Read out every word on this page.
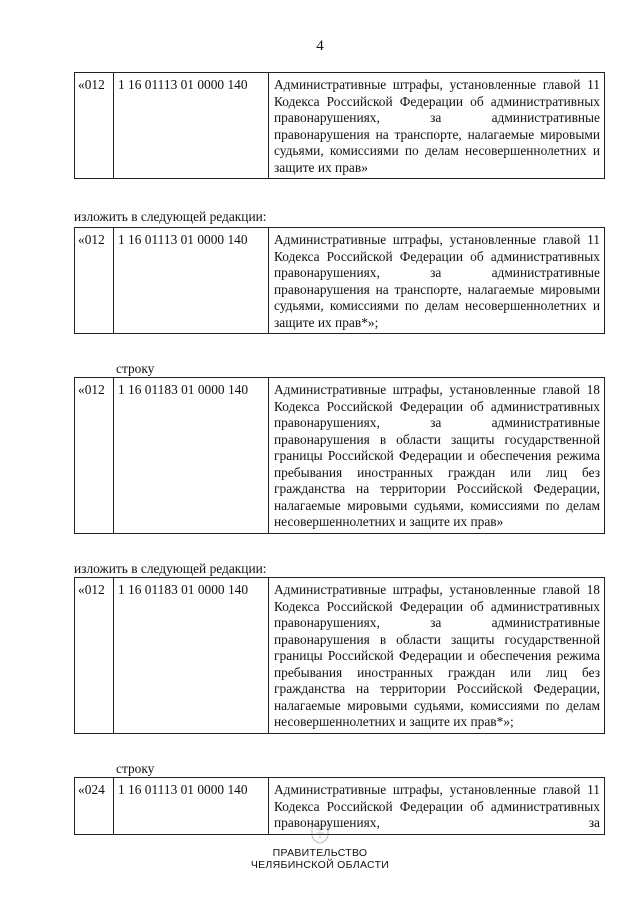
4
«012	1 16 01113 01 0000 140	Административные штрафы, установленные главой 11 Кодекса Российской Федерации об административных правонарушениях, за административные правонарушения на транспорте, налагаемые мировыми судьями, комиссиями по делам несовершеннолетних и защите их прав»
изложить в следующей редакции:
«012	1 16 01113 01 0000 140	Административные штрафы, установленные главой 11 Кодекса Российской Федерации об административных правонарушениях, за административные правонарушения на транспорте, налагаемые мировыми судьями, комиссиями по делам несовершеннолетних и защите их прав*»;
строку
«012	1 16 01183 01 0000 140	Административные штрафы, установленные главой 18 Кодекса Российской Федерации об административных правонарушениях, за административные правонарушения в области защиты государственной границы Российской Федерации и обеспечения режима пребывания иностранных граждан или лиц без гражданства на территории Российской Федерации, налагаемые мировыми судьями, комиссиями по делам несовершеннолетних и защите их прав»
изложить в следующей редакции:
«012	1 16 01183 01 0000 140	Административные штрафы, установленные главой 18 Кодекса Российской Федерации об административных правонарушениях, за административные правонарушения в области защиты государственной границы Российской Федерации и обеспечения режима пребывания иностранных граждан или лиц без гражданства на территории Российской Федерации, налагаемые мировыми судьями, комиссиями по делам несовершеннолетних и защите их прав*»;
строку
«024	1 16 01113 01 0000 140	Административные штрафы, установленные главой 11 Кодекса Российской Федерации об административных правонарушениях, за
ПРАВИТЕЛЬСТВО
ЧЕЛЯБИНСКОЙ ОБЛАСТИ
